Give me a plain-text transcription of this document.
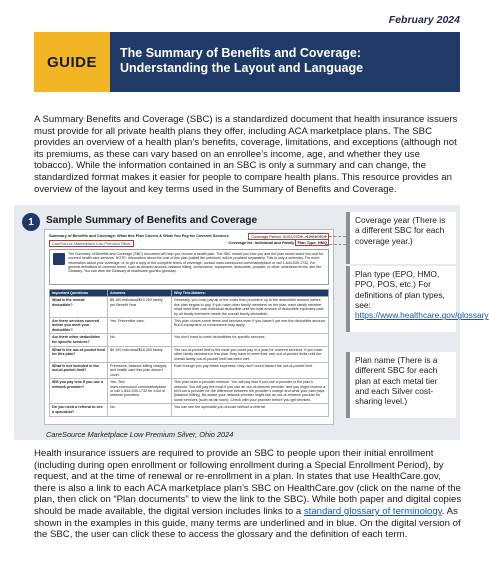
February 2024
GUIDE
The Summary of Benefits and Coverage:
Understanding the Layout and Language

A Summary Benefits and Coverage (SBC) is a standardized document that health insurance issuers must provide for all private health plans they offer, including ACA marketplace plans. The SBC provides an overview of a health plan’s benefits, coverage, limitations, and exceptions (although not its premiums, as these can vary based on an enrollee’s income, age, and whether they use tobacco). While the information contained in an SBC is only a summary and can change, the standardized format makes it easier for people to compare health plans. This resource provides an overview of the layout and key terms used in the Summary of Benefits and Coverage.

1	Sample Summary of Benefits and Coverage
Summary of Benefits and Coverage: What this Plan Covers & What You Pay for Covered Services
CareSource Marketplace Low Premium Silver
Coverage Period: 01/01/2024 – 12/31/2024
Coverage for: Individual and Family Plan Type: HMO
The Summary of Benefits and Coverage (SBC) document will help you choose a health plan. The SBC shows you how you and the plan would share the cost for covered health care services. NOTE: Information about the cost of this plan (called the premium) will be provided separately. This is only a summary. For more information about your coverage, or to get a copy of the complete terms of coverage, contact www.caresource.com/marketplace or call 1-844-539-1732. For general definitions of common terms, such as allowed amount, balance billing, coinsurance, copayment, deductible, provider, or other underlined terms, see the Glossary. You can view the Glossary at healthcare.gov/sbc-glossary.
Important Questions	Answers	Why This Matters:
What is the overall deductible?	$5,100 individual/$10,200 family per Benefit Year	Generally, you must pay all of the costs from providers up to the deductible amount before this plan begins to pay. If you have other family members on the plan, each family member must meet their own individual deductible until the total amount of deductible expenses paid by all family members meets the overall family deductible.
Are there services covered before you meet your deductible?	Yes. Preventive care.	This plan covers some items and services even if you haven’t yet met the deductible amount. But a copayment or coinsurance may apply.
Are there other deductibles for specific services?	No.	You don’t have to meet deductibles for specific services.
What is the out-of-pocket limit for this plan?	$9,100 individual/$18,200 family	The out-of-pocket limit is the most you could pay in a year for covered services. If you have other family members in this plan, they have to meet their own out-of-pocket limits until the overall family out-of-pocket limit has been met.
What is not included in the out-of-pocket limit?	Premiums, balance-billing charges, and health care this plan doesn’t cover.	Even though you pay these expenses, they don’t count toward the out-of-pocket limit.
Will you pay less if you use a network provider?	Yes. See www.caresource.com/marketplace or call 1-844-539-1732 for a list of network providers.	This plan uses a provider network. You will pay less if you use a provider in the plan’s network. You will pay the most if you use an out-of-network provider, and you might receive a bill from a provider for the difference between the provider’s charge and what your plan pays (balance billing). Be aware your network provider might use an out-of-network provider for some services (such as lab work). Check with your provider before you get services.
Do you need a referral to see a specialist?	No.	You can see the specialist you choose without a referral.
CareSource Marketplace Low Premium Silver, Ohio 2024
Coverage year (There is a different SBC for each coverage year.)
Plan type (EPO, HMO, PPO, POS, etc.) For definitions of plan types, see: https://www.healthcare.gov/glossary
Plan name (There is a different SBC for each plan at each metal tier and each Silver cost-sharing level.)

Health insurance issuers are required to provide an SBC to people upon their initial enrollment (including during open enrollment or following enrollment during a Special Enrollment Period), by request, and at the time of renewal or re-enrollment in a plan. In states that use HealthCare.gov, there is also a link to each ACA marketplace plan’s SBC on HealthCare.gov (click on the name of the plan, then click on “Plan documents” to view the link to the SBC). While both paper and digital copies should be made available, the digital version includes links to a standard glossary of terminology. As shown in the examples in this guide, many terms are underlined and in blue. On the digital version of the SBC, the user can click these to access the glossary and the definition of each term.
